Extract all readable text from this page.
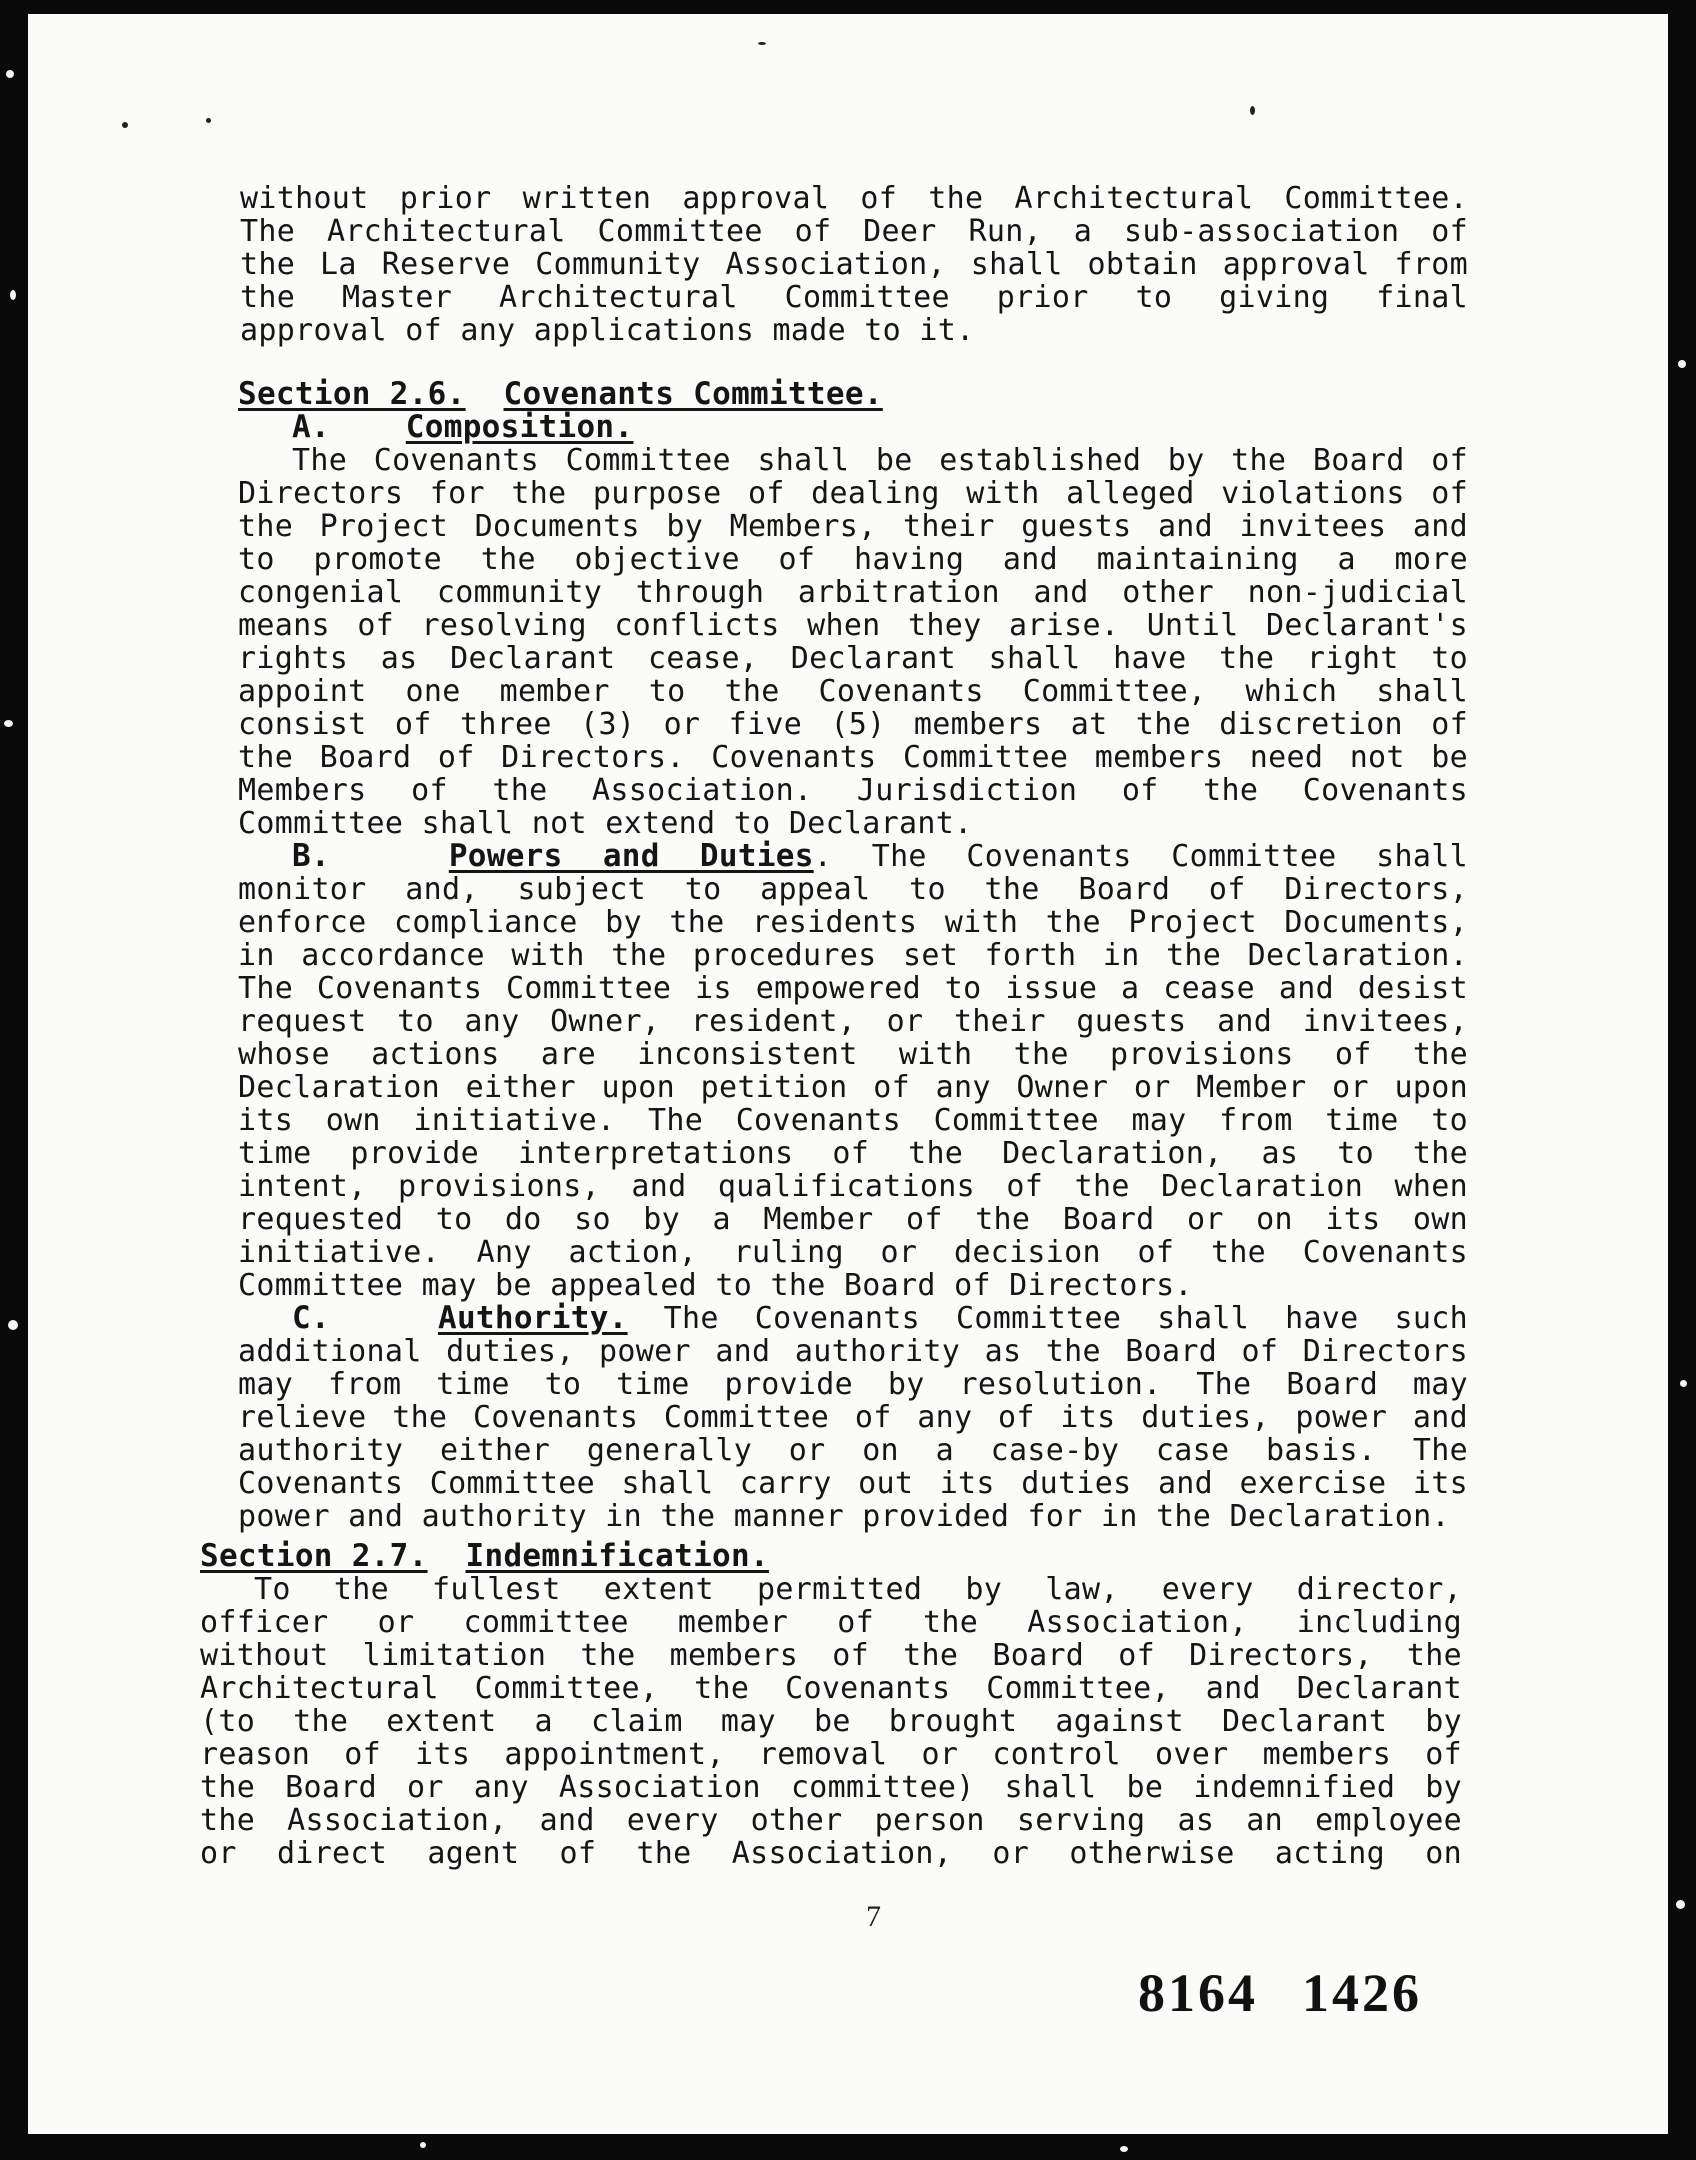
without prior written approval of the Architectural Committee.
The Architectural Committee of Deer Run, a sub-association of
the La Reserve Community Association, shall obtain approval from
the Master Architectural Committee prior to giving final
approval of any applications made to it.
Section 2.6. Covenants Committee.
A. Composition.
The Covenants Committee shall be established by the Board of
Directors for the purpose of dealing with alleged violations of
the Project Documents by Members, their guests and invitees and
to promote the objective of having and maintaining a more
congenial community through arbitration and other non-judicial
means of resolving conflicts when they arise. Until Declarant's
rights as Declarant cease, Declarant shall have the right to
appoint one member to the Covenants Committee, which shall
consist of three (3) or five (5) members at the discretion of
the Board of Directors. Covenants Committee members need not be
Members of the Association. Jurisdiction of the Covenants
Committee shall not extend to Declarant.
B.	Powers and Duties. The Covenants Committee shall
monitor and, subject to appeal to the Board of Directors,
enforce compliance by the residents with the Project Documents,
in accordance with the procedures set forth in the Declaration.
The Covenants Committee is empowered to issue a cease and desist
request to any Owner, resident, or their guests and invitees,
whose actions are inconsistent with the provisions of the
Declaration either upon petition of any Owner or Member or upon
its own initiative. The Covenants Committee may from time to
time provide interpretations of the Declaration, as to the
intent, provisions, and qualifications of the Declaration when
requested to do so by a Member of the Board or on its own
initiative. Any action, ruling or decision of the Covenants
Committee may be appealed to the Board of Directors.
C.	Authority. The Covenants Committee shall have such
additional duties, power and authority as the Board of Directors
may from time to time provide by resolution. The Board may
relieve the Covenants Committee of any of its duties, power and
authority either generally or on a case-by case basis. The
Covenants Committee shall carry out its duties and exercise its
power and authority in the manner provided for in the Declaration.
Section 2.7. Indemnification.
To the fullest extent permitted by law, every director,
officer or committee member of the Association, including
without limitation the members of the Board of Directors, the
Architectural Committee, the Covenants Committee, and Declarant
(to the extent a claim may be brought against Declarant by
reason of its appointment, removal or control over members of
the Board or any Association committee) shall be indemnified by
the Association, and every other person serving as an employee
or direct agent of the Association, or otherwise acting on
7
8164 1426
